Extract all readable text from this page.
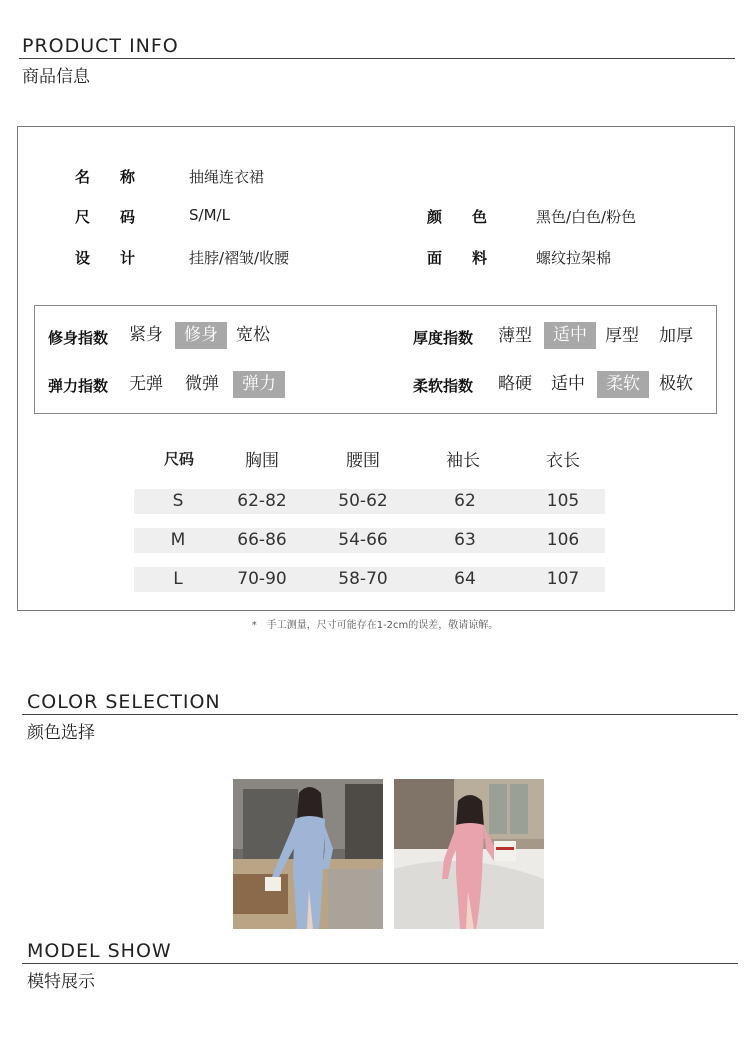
PRODUCT INFO
商品信息
名　　称	抽绳连衣裙
尺　　码	S/M/L	颜　　色	黑色/白色/粉色
设　　计	挂脖/褶皱/收腰	面　　料	螺纹拉架棉
修身指数 紧身	修身	宽松	厚度指数 薄型	适中	厚型 加厚
弹力指数 无弹 微弹	弹力	柔软指数 略硬 适中	柔软	极软
尺码	胸围	腰围	袖长	衣长
S	62-82	50-62	62	105
M	66-86	54-66	63	106
L	70-90	58-70	64	107
*　手工测量，尺寸可能存在1-2cm的误差，敬请谅解。
COLOR SELECTION
颜色选择
MODEL SHOW
模特展示
